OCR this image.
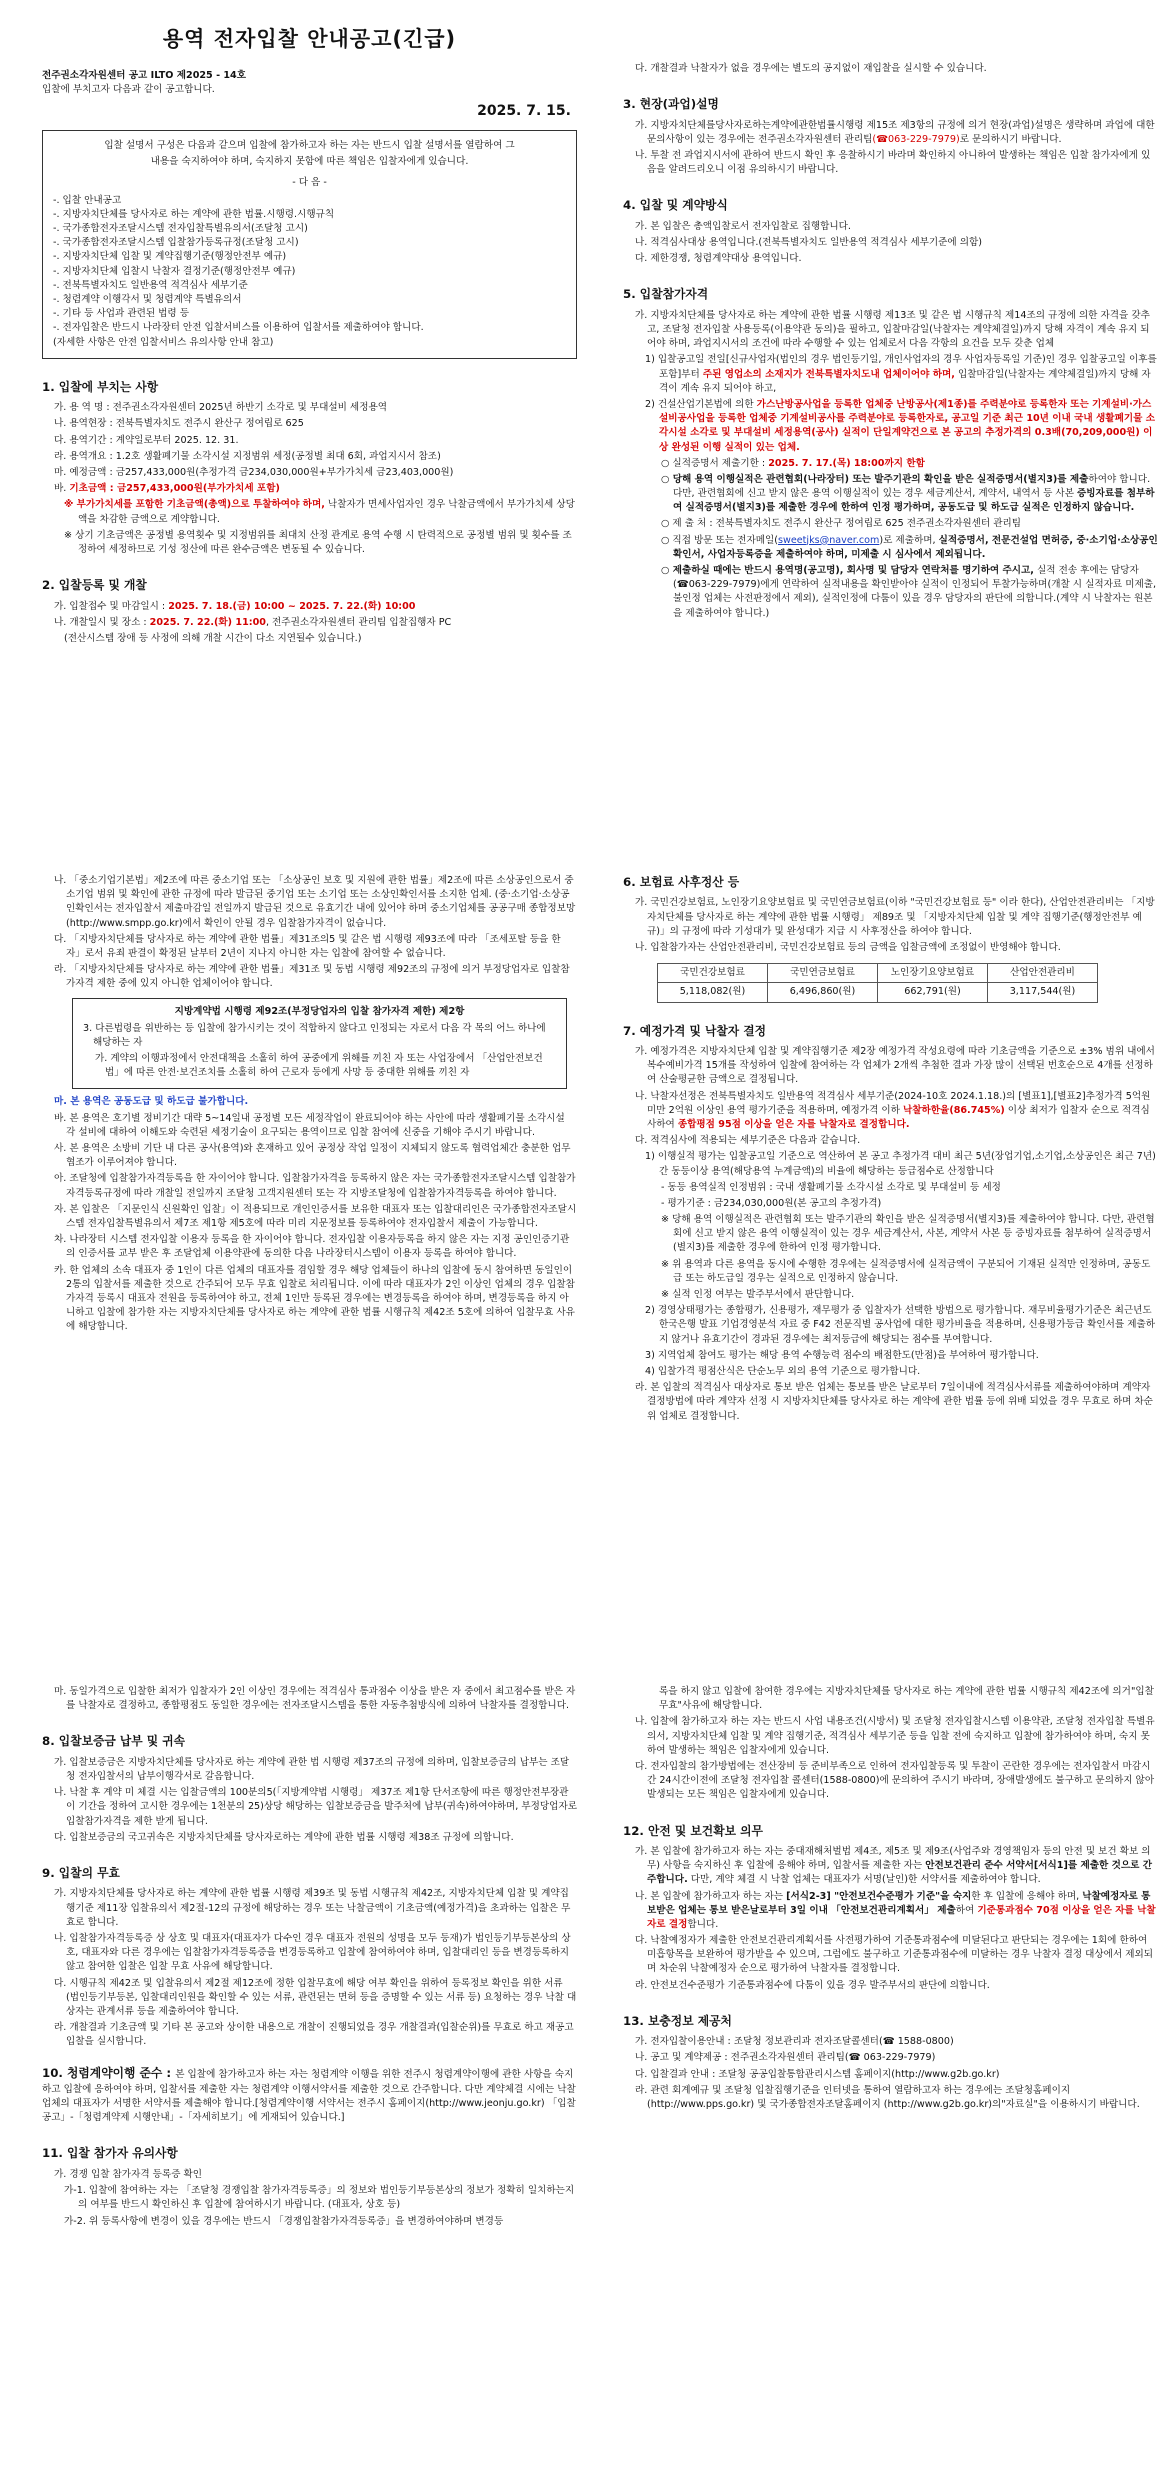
용역 전자입찰 안내공고(긴급)
전주권소각자원센터 공고 ILTO 제2025 - 14호
입찰에 부치고자 다음과 같이 공고합니다.
2025. 7. 15.

입찰 설명서 구성은 다음과 같으며 입찰에 참가하고자 하는 자는 반드시 입찰 설명서를 열람하여 그

내용을 숙지하여야 하며, 숙지하지 못함에 따른 책임은 입찰자에게 있습니다.

- 다 음 -
-. 입찰 안내공고
-. 지방자치단체를 당사자로 하는 계약에 관한 법률.시행령.시행규칙
-. 국가종합전자조달시스템 전자입찰특별유의서(조달청 고시)
-. 국가종합전자조달시스템 입찰참가등록규정(조달청 고시)
-. 지방자치단체 입찰 및 계약집행기준(행정안전부 예규)
-. 지방자치단체 입찰시 낙찰자 결정기준(행정안전부 예규)
-. 전북특별자치도 일반용역 적격심사 세부기준
-. 청렴계약 이행각서 및 청렴계약 특별유의서
-. 기타 등 사업과 관련된 법령 등
-. 전자입찰은 반드시 나라장터 안전 입찰서비스를 이용하여 입찰서를 제출하여야 합니다.
(자세한 사항은 안전 입찰서비스 유의사항 안내 참고)
1. 입찰에 부치는 사항
가. 용 역 명 : 전주권소각자원센터 2025년 하반기 소각로 및 부대설비 세정용역
나. 용역현장 : 전북특별자치도 전주시 완산구 정여립로 625
다. 용역기간 : 계약일로부터 2025. 12. 31.
라. 용역개요 : 1.2호 생활폐기물 소각시설 지정범위 세정(공정별 최대 6회, 과업지시서 참조)
마. 예정금액 : 금257,433,000원(추정가격 금234,030,000원+부가가치세 금23,403,000원)
바. 기초금액 : 금257,433,000원(부가가치세 포함)
※ 부가가치세를 포함한 기초금액(총액)으로 투찰하여야 하며, 낙찰자가 면세사업자인 경우 낙찰금액에서 부가가치세 상당액을 차감한 금액으로 계약합니다.
※ 상기 기초금액은 공정별 용역횟수 및 지정범위를 최대치 산정 관계로 용역 수행 시 탄력적으로 공정별 범위 및 횟수를 조정하여 세정하므로 기성 정산에 따른 완수금액은 변동될 수 있습니다.
2. 입찰등록 및 개찰
가. 입찰접수 및 마감일시 : 2025. 7. 18.(금) 10:00 ~ 2025. 7. 22.(화) 10:00
나. 개찰일시 및 장소 : 2025. 7. 22.(화) 11:00, 전주권소각자원센터 관리팀 입찰집행자 PC
(전산시스템 장애 등 사정에 의해 개찰 시간이 다소 지연될수 있습니다.)
다. 개찰결과 낙찰자가 없을 경우에는 별도의 공지없이 재입찰을 실시할 수 있습니다.
3. 현장(과업)설명
가. 지방자치단체를당사자로하는계약에관한법률시행령 제15조 제3항의 규정에 의거 현장(과업)설명은 생략하며 과업에 대한 문의사항이 있는 경우에는 전주권소각자원센터 관리팀(☎063-229-7979)로 문의하시기 바랍니다.
나. 투찰 전 과업지시서에 관하여 반드시 확인 후 응찰하시기 바라며 확인하지 아니하여 발생하는 책임은 입찰 참가자에게 있음을 알려드리오니 이점 유의하시기 바랍니다.
4. 입찰 및 계약방식
가. 본 입찰은 총액입찰로서 전자입찰로 집행합니다.
나. 적격심사대상 용역입니다.(전북특별자치도 일반용역 적격심사 세부기준에 의함)
다. 제한경쟁, 청렴계약대상 용역입니다.
5. 입찰참가자격
가. 지방자치단체를 당사자로 하는 계약에 관한 법률 시행령 제13조 및 같은 법 시행규칙 제14조의 규정에 의한 자격을 갖추고, 조달청 전자입찰 사용등록(이용약관 동의)을 필하고, 입찰마감일(낙찰자는 계약체결일)까지 당해 자격이 계속 유지 되어야 하며, 과업지시서의 조건에 따라 수행할 수 있는 업체로서 다음 각항의 요건을 모두 갖춘 업체
1) 입찰공고일 전일[신규사업자(법인의 경우 법인등기일, 개인사업자의 경우 사업자등록일 기준)인 경우 입찰공고일 이후를 포함]부터 주된 영업소의 소재지가 전북특별자치도내 업체이어야 하며, 입찰마감일(낙찰자는 계약체결일)까지 당해 자격이 계속 유지 되어야 하고,
2) 건설산업기본법에 의한 가스난방공사업을 등록한 업체중 난방공사(제1종)를 주력분야로 등록한자 또는 기계설비·가스설비공사업을 등록한 업체중 기계설비공사를 주력분야로 등록한자로, 공고일 기준 최근 10년 이내 국내 생활폐기물 소각시설 소각로 및 부대설비 세정용역(공사) 실적이 단일계약건으로 본 공고의 추정가격의 0.3배(70,209,000원) 이상 완성된 이행 실적이 있는 업체.
○ 실적증명서 제출기한 : 2025. 7. 17.(목) 18:00까지 한함
○ 당해 용역 이행실적은 관련협회(나라장터) 또는 발주기관의 확인을 받은 실적증명서(별지3)를 제출하여야 합니다. 다만, 관련협회에 신고 받지 않은 용역 이행실적이 있는 경우 세금계산서, 계약서, 내역서 등 사본 증빙자료를 첨부하여 실적증명서(별지3)를 제출한 경우에 한하여 인정 평가하며, 공동도급 및 하도급 실적은 인정하지 않습니다.
○ 제 출 처 : 전북특별자치도 전주시 완산구 정여립로 625 전주권소각자원센터 관리팀
○ 직접 방문 또는 전자메일(sweetjks@naver.com)로 제출하며, 실적증명서, 전문건설업 면허증, 중·소기업·소상공인확인서, 사업자등록증을 제출하여야 하며, 미제출 시 심사에서 제외됩니다.
○ 제출하실 때에는 반드시 용역명(공고명), 회사명 및 담당자 연락처를 명기하여 주시고, 실적 전송 후에는 담당자(☎063-229-7979)에게 연락하여 실적내용을 확인받아야 실적이 인정되어 투찰가능하며(개찰 시 실적자료 미제출, 불인정 업체는 사전판정에서 제외), 실적인정에 다툼이 있을 경우 담당자의 판단에 의합니다.(계약 시 낙찰자는 원본을 제출하여야 합니다.)
나. 「중소기업기본법」제2조에 따른 중소기업 또는 「소상공인 보호 및 지원에 관한 법률」제2조에 따른 소상공인으로서 중소기업 범위 및 확인에 관한 규정에 따라 발급된 중기업 또는 소기업 또는 소상인확인서를 소지한 업체. (중·소기업·소상공인확인서는 전자입찰서 제출마감일 전일까지 발급된 것으로 유효기간 내에 있어야 하며 중소기업체를 공공구매 종합정보망(http://www.smpp.go.kr)에서 확인이 안될 경우 입찰참가자격이 없습니다.
다. 「지방자치단체를 당사자로 하는 계약에 관한 법률」제31조의5 및 같은 법 시행령 제93조에 따라 「조세포탈 등을 한 자」로서 유죄 판결이 확정된 날부터 2년이 지나지 아니한 자는 입찰에 참여할 수 없습니다.
라. 「지방자치단체를 당사자로 하는 계약에 관한 법률」제31조 및 동법 시행령 제92조의 규정에 의거 부정당업자로 입찰참가자격 제한 중에 있지 아니한 업체이어야 합니다.
지방계약법 시행령 제92조(부정당업자의 입찰 참가자격 제한) 제2항

3. 다른법령을 위반하는 등 입찰에 참가시키는 것이 적합하지 않다고 인정되는 자로서 다음 각 목의 어느 하나에 해당하는 자

가. 계약의 이행과정에서 안전대책을 소홀히 하여 공중에게 위해를 끼친 자 또는 사업장에서 「산업안전보건법」에 따른 안전·보건조치를 소홀히 하여 근로자 등에게 사망 등 중대한 위해를 끼친 자

마. 본 용역은 공동도급 및 하도급 불가합니다.
바. 본 용역은 호기별 정비기간 대략 5~14일내 공정별 모든 세정작업이 완료되어야 하는 사안에 따라 생활폐기물 소각시설 각 설비에 대하여 이해도와 숙련된 세정기술이 요구되는 용역이므로 입찰 참여에 신중을 기해야 주시기 바랍니다.
사. 본 용역은 소방비 기단 내 다른 공사(용역)와 혼재하고 있어 공정상 작업 일정이 지체되지 않도록 협력업체간 충분한 업무 협조가 이루어져야 합니다.
아. 조달청에 입찰참가자격등록을 한 자이어야 합니다. 입찰참가자격을 등록하지 않은 자는 국가종합전자조달시스템 입찰참가자격등록규정에 따라 개찰일 전일까지 조달청 고객지원센터 또는 각 지방조달청에 입찰참가자격등록을 하여야 합니다.
자. 본 입찰은 「지문인식 신원확인 입찰」이 적용되므로 개인인증서를 보유한 대표자 또는 입찰대리인은 국가종합전자조달시스템 전자입찰특별유의서 제7조 제1항 제5호에 따라 미리 지문정보를 등록하여야 전자입찰서 제출이 가능합니다.
차. 나라장터 시스템 전자입찰 이용자 등록을 한 자이어야 합니다. 전자입찰 이용자등록을 하지 않은 자는 지정 공인인증기관의 인증서를 교부 받은 후 조달업체 이용약관에 동의한 다음 나라장터시스템이 이용자 등록을 하여야 합니다.
카. 한 업체의 소속 대표자 중 1인이 다른 업체의 대표자를 겸임할 경우 해당 업체들이 하나의 입찰에 동시 참여하면 동일인이 2통의 입찰서를 제출한 것으로 간주되어 모두 무효 입찰로 처리됩니다. 이에 따라 대표자가 2인 이상인 업체의 경우 입찰참가자격 등록시 대표자 전원을 등록하여야 하고, 전체 1인만 등록된 경우에는 변경등록을 하여야 하며, 변경등록을 하지 아니하고 입찰에 참가한 자는 지방자치단체를 당사자로 하는 계약에 관한 법률 시행규칙 제42조 5호에 의하여 입찰무효 사유에 해당합니다.
6. 보험료 사후정산 등
가. 국민건강보험료, 노인장기요양보험료 및 국민연금보험료(이하 "국민건강보험료 등" 이라 한다), 산업안전관리비는 「지방자치단체를 당사자로 하는 계약에 관한 법률 시행령」 제89조 및 「지방자치단체 입찰 및 계약 집행기준(행정안전부 예규)」의 규정에 따라 기성대가 및 완성대가 지급 시 사후정산을 하여야 합니다.
나. 입찰참가자는 산업안전관리비, 국민건강보험료 등의 금액을 입찰금액에 조정없이 반영해야 합니다.
국민건강보험료	국민연금보험료	노인장기요양보험료	산업안전관리비
5,118,082(원)	6,496,860(원)	662,791(원)	3,117,544(원)
7. 예정가격 및 낙찰자 결정
가. 예정가격은 지방자치단체 입찰 및 계약집행기준 제2장 예정가격 작성요령에 따라 기초금액을 기준으로 ±3% 범위 내에서 복수예비가격 15개를 작성하여 입찰에 참여하는 각 업체가 2개씩 추첨한 결과 가장 많이 선택된 번호순으로 4개를 선정하여 산술평균한 금액으로 결정됩니다.
나. 낙찰자선정은 전북특별자치도 일반용역 적격심사 세부기준(2024-10호 2024.1.18.)의 [별표1],[별표2]추정가격 5억원미만 2억원 이상인 용역 평가기준을 적용하며, 예정가격 이하 낙찰하한율(86.745%) 이상 최저가 입찰자 순으로 적격심사하여 종합평점 95점 이상을 얻은 자를 낙찰자로 결정합니다.
다. 적격심사에 적용되는 세부기준은 다음과 같습니다.
1) 이행실적 평가는 입찰공고일 기준으로 역산하여 본 공고 추정가격 대비 최근 5년(장업기업,소기업,소상공인은 최근 7년)간 동등이상 용역(해당용역 누계금액)의 비율에 해당하는 등급점수로 산정합니다
- 동등 용역실적 인정범위 : 국내 생활폐기물 소각시설 소각로 및 부대설비 등 세정
- 평가기준 : 금234,030,000원(본 공고의 추정가격)
※ 당해 용역 이행실적은 관련협회 또는 발주기관의 확인을 받은 실적증명서(별지3)를 제출하여야 합니다. 다만, 관련협회에 신고 받지 않은 용역 이행실적이 있는 경우 세금계산서, 사본, 계약서 사본 등 증빙자료를 첨부하여 실적증명서(별지3)를 제출한 경우에 한하여 인정 평가합니다.
※ 위 용역과 다른 용역을 동시에 수행한 경우에는 실적증명서에 실적금액이 구분되어 기재된 실적만 인정하며, 공동도급 또는 하도급일 경우는 실적으로 인정하지 않습니다.
※ 실적 인정 여부는 발주부서에서 판단합니다.
2) 경영상태평가는 종합평가, 신용평가, 재무평가 중 입찰자가 선택한 방법으로 평가합니다. 재무비율평가기준은 최근년도 한국은행 발표 기업경영분석 자료 중 F42 전문직별 공사업에 대한 평가비율을 적용하며, 신용평가등급 확인서를 제출하지 않거나 유효기간이 경과된 경우에는 최저등급에 해당되는 점수를 부여합니다.
3) 지역업체 참여도 평가는 해당 용역 수행능력 점수의 배점한도(만점)을 부여하여 평가합니다.
4) 입찰가격 평점산식은 단순노무 외의 용역 기준으로 평가합니다.
라. 본 입찰의 적격심사 대상자로 통보 받은 업체는 통보를 받은 날로부터 7일이내에 적격심사서류를 제출하여야하며 계약자 결정방법에 따라 계약자 선정 시 지방자치단체를 당사자로 하는 계약에 관한 법률 등에 위배 되었을 경우 무효로 하며 차순위 업체로 결정합니다.
마. 동일가격으로 입찰한 최저가 입찰자가 2인 이상인 경우에는 적격심사 통과점수 이상을 받은 자 중에서 최고점수를 받은 자를 낙찰자로 결정하고, 종합평점도 동일한 경우에는 전자조달시스템을 통한 자동추첨방식에 의하여 낙찰자를 결정합니다.
8. 입찰보증금 납부 및 귀속
가. 입찰보증금은 지방자치단체를 당사자로 하는 계약에 관한 법 시행령 제37조의 규정에 의하며, 입찰보증금의 납부는 조달청 전자입찰서의 납부이행각서로 갈음합니다.
나. 낙찰 후 계약 미 체결 시는 입찰금액의 100분의5(「지방계약법 시행령」 제37조 제1항 단서조항에 따른 행정안전부장관이 기간을 정하여 고시한 경우에는 1천분의 25)상당 해당하는 입찰보증금을 발주처에 납부(귀속)하여야하며, 부정당업자로 입찰참가자격을 제한 받게 됩니다.
다. 입찰보증금의 국고귀속은 지방자치단체를 당사자로하는 계약에 관한 법률 시행령 제38조 규정에 의합니다.
9. 입찰의 무효
가. 지방자치단체를 당사자로 하는 계약에 관한 법률 시행령 제39조 및 동법 시행규칙 제42조, 지방자치단체 입찰 및 계약집행기준 제11장 입찰유의서 제2절-12의 규정에 해당하는 경우 또는 낙찰금액이 기초금액(예정가격)을 초과하는 입찰은 무효로 합니다.
나. 입찰참가자격등록증 상 상호 및 대표자(대표자가 다수인 경우 대표자 전원의 성명을 모두 등재)가 법인등기부등본상의 상호, 대표자와 다른 경우에는 입찰참가자격등록증을 변경등록하고 입찰에 참여하여야 하며, 입찰대리인 등을 변경등록하지 않고 참여한 입찰은 입찰 무효 사유에 해당합니다.
다. 시행규칙 제42조 및 입찰유의서 제2절 제12조에 정한 입찰무효에 해당 여부 확인을 위하여 등록정보 확인을 위한 서류 (법인등기부등본, 입찰대리인원을 확인할 수 있는 서류, 관련된는 면허 등을 증명할 수 있는 서류 등) 요청하는 경우 낙찰 대상자는 관계서류 등을 제출하여야 합니다.
라. 개찰결과 기초금액 및 기타 본 공고와 상이한 내용으로 개찰이 진행되었을 경우 개찰결과(입찰순위)를 무효로 하고 재공고 입찰을 실시합니다.
10. 청렴계약이행 준수 : 본 입찰에 참가하고자 하는 자는 청렴계약 이행을 위한 전주시 청렴계약이행에 관한 사항을 숙지하고 입찰에 응하여야 하며, 입찰서를 제출한 자는 청렴계약 이행서약서를 제출한 것으로 간주합니다. 다만 계약체결 시에는 낙찰업체의 대표자가 서명한 서약서를 제출해야 합니다.[청렴계약이행 서약서는 전주시 홈페이지(http://www.jeonju.go.kr) 「입찰공고」-「청렴계약제 시행안내」-「자세히보기」에 게재되어 있습니다.]
11. 입찰 참가자 유의사항
가. 경쟁 입찰 참가자격 등록증 확인
가-1. 입찰에 참여하는 자는 「조달청 경쟁입찰 참가자격등록증」의 정보와 법인등기부등본상의 정보가 정확히 일치하는지의 여부를 반드시 확인하신 후 입찰에 참여하시기 바랍니다. (대표자, 상호 등)
가-2. 위 등록사항에 변경이 있을 경우에는 반드시 「경쟁입찰참가자격등록증」을 변경하여야하며 변경등
록을 하지 않고 입찰에 참여한 경우에는 지방자치단체를 당사자로 하는 계약에 관한 법률 시행규칙 제42조에 의거"입찰무효"사유에 해당합니다.
나. 입찰에 참가하고자 하는 자는 반드시 사업 내용조건(시방서) 및 조달청 전자입찰시스템 이용약관, 조달청 전자입찰 특별유의서, 지방자치단체 입찰 및 계약 집행기준, 적격심사 세부기준 등을 입찰 전에 숙지하고 입찰에 참가하여야 하며, 숙지 못하여 발생하는 책임은 입찰자에게 있습니다.
다. 전자입찰의 참가방법에는 전산장비 등 준비부족으로 인하여 전자입찰등록 및 투찰이 곤란한 경우에는 전자입찰서 마감시간 24시간이전에 조달청 전자입찰 콜센터(1588-0800)에 문의하여 주시기 바라며, 장애발생에도 불구하고 문의하지 않아 발생되는 모든 책임은 입찰자에게 있습니다.
12. 안전 및 보건확보 의무
가. 본 입찰에 참가하고자 하는 자는 중대재해처벌법 제4조, 제5조 및 제9조(사업주와 경영책임자 등의 안전 및 보건 확보 의무) 사항을 숙지하신 후 입찰에 응해야 하며, 입찰서를 제출한 자는 안전보건관리 준수 서약서[서식1]를 제출한 것으로 간주합니다. 다만, 계약 체결 시 낙찰 업체는 대표자가 서명(날인)한 서약서를 제출하여야 합니다.
나. 본 입찰에 참가하고자 하는 자는 [서식2-3] "안전보건수준평가 기준"을 숙지한 후 입찰에 응해야 하며, 낙찰예정자로 통보받은 업체는 통보 받은날로부터 3일 이내 「안전보건관리계획서」 제출하여 기준통과점수 70점 이상을 얻은 자를 낙찰자로 결정합니다.
다. 낙찰예정자가 제출한 안전보건관리계획서를 사전평가하여 기준통과점수에 미달된다고 판단되는 경우에는 1회에 한하여 미흡항목을 보완하여 평가받을 수 있으며, 그럼에도 불구하고 기준통과점수에 미달하는 경우 낙찰자 결정 대상에서 제외되며 차순위 낙찰예정자 순으로 평가하여 낙찰자를 결정합니다.
라. 안전보건수준평가 기준통과점수에 다툼이 있을 경우 발주부서의 판단에 의합니다.
13. 보충정보 제공처
가. 전자입찰이용안내 : 조달청 정보관리과 전자조달콜센터(☎ 1588-0800)
나. 공고 및 계약제공 : 전주권소각자원센터 관리팀(☎ 063-229-7979)
다. 입찰결과 안내 : 조달청 공공입찰통합관리시스템 홈페이지(http://www.g2b.go.kr)
라. 관련 회계예규 및 조달청 입찰집행기준을 인터넷을 통하여 열람하고자 하는 경우에는 조달청홈페이지(http://www.pps.go.kr) 및 국가종합전자조달홈페이지 (http://www.g2b.go.kr)의"자료실"을 이용하시기 바랍니다.
